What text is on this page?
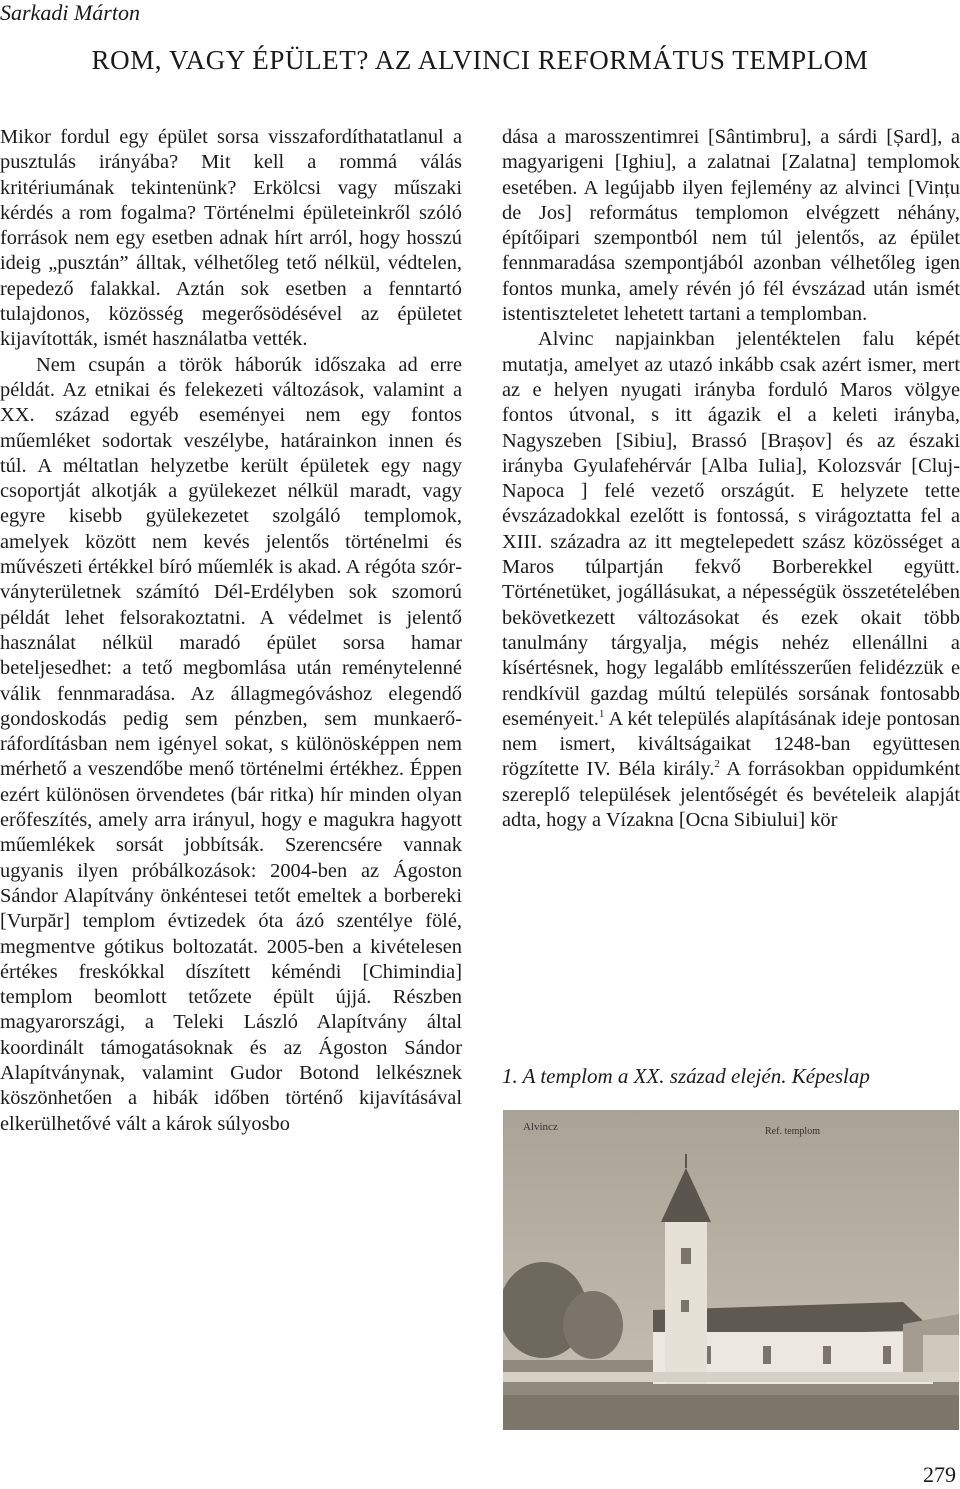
Sarkadi Márton
ROM, VAGY ÉPÜLET? AZ ALVINCI REFORMÁTUS TEMPLOM

Mikor fordul egy épület sorsa visszafordíthatatlanul a pusztulás irányába? Mit kell a rommá válás kritériumának tekintenünk? Erkölcsi vagy műszaki kérdés a rom fogalma? Történelmi épületeinkről szóló források nem egy esetben adnak hírt arról, hogy hosszú ideig „pusztán” álltak, vélhetőleg tető nélkül, védtelen, repedező falakkal. Aztán sok esetben a fenntartó tulajdonos, közösség megerősödésével az épületet kijavították, ismét használatba vették.

Nem csupán a török háborúk időszaka ad erre példát. Az etnikai és felekezeti változások, valamint a XX. század egyéb eseményei nem egy fontos műemléket sodortak veszélybe, határainkon innen és túl. A méltatlan helyzetbe került épületek egy nagy csoportját alkotják a gyülekezet nélkül maradt, vagy egyre kisebb gyülekezetet szolgáló templomok, amelyek között nem kevés jelentős történelmi és művészeti értékkel bíró műemlék is akad. A régóta szórványterületnek számító Dél-Erdélyben sok szomorú példát lehet felsorakoztatni. A védelmet is jelentő használat nélkül maradó épület sorsa hamar beteljesedhet: a tető megbomlása után reménytelenné válik fennmaradása. Az állagmegóváshoz elegendő gondoskodás pedig sem pénzben, sem munkaerő-ráfordításban nem igényel sokat, s különösképpen nem mérhető a veszendőbe menő történelmi értékhez. Éppen ezért különösen örvendetes (bár ritka) hír minden olyan erőfeszítés, amely arra irányul, hogy e magukra hagyott műemlékek sorsát jobbítsák. Szerencsére vannak ugyanis ilyen próbálkozások: 2004-ben az Ágoston Sándor Alapítvány önkéntesei tetőt emeltek a borbereki [Vurpăr] templom évtizedek óta ázó szentélye fölé, megmentve gótikus boltozatát. 2005-ben a kivételesen értékes freskókkal díszített kéméndi [Chimindia] templom beomlott tetőzete épült újjá. Részben magyarországi, a Teleki László Alapítvány által koordinált támogatásoknak és az Ágoston Sándor Alapítványnak, valamint Gudor Botond lelkésznek köszönhetően a hibák időben történő kijavításával elkerülhetővé vált a károk súlyosbo

dása a marosszentimrei [Sântimbru], a sárdi [Șard], a magyarigeni [Ighiu], a zalatnai [Zalatna] templomok esetében. A legújabb ilyen fejlemény az alvinci [Vințu de Jos] református templomon elvégzett néhány, építőipari szempontból nem túl jelentős, az épület fennmaradása szempontjából azonban vélhetőleg igen fontos munka, amely révén jó fél évszázad után ismét istentiszteletet lehetett tartani a templomban.

Alvinc napjainkban jelentéktelen falu képét mutatja, amelyet az utazó inkább csak azért ismer, mert az e helyen nyugati irányba forduló Maros völgye fontos útvonal, s itt ágazik el a keleti irányba, Nagyszeben [Sibiu], Brassó [Brașov] és az északi irányba Gyulafehérvár [Alba Iulia], Kolozsvár [Cluj-Napoca ] felé vezető országút. E helyzete tette évszázadokkal ezelőtt is fontossá, s virágoztatta fel a XIII. századra az itt megtelepedett szász közösséget a Maros túlpartján fekvő Borberekkel együtt. Történetüket, jogállásukat, a népességük összetételében bekövetkezett változásokat és ezek okait több tanulmány tárgyalja, mégis nehéz ellenállni a kísértésnek, hogy legalább említésszerűen felidézzük e rendkívül gazdag múltú település sorsának fontosabb eseményeit.$^1$ A két település alapításának ideje pontosan nem ismert, kiváltságaikat 1248-ban együttesen rögzítette IV. Béla király.$^2$ A forrásokban oppidumként szereplő települések jelentőségét és bevételeik alapját adta, hogy a Vízakna [Ocna Sibiului] kör

1. A templom a XX. század elején. Képeslap
Alvincz	Ref. templom
279
